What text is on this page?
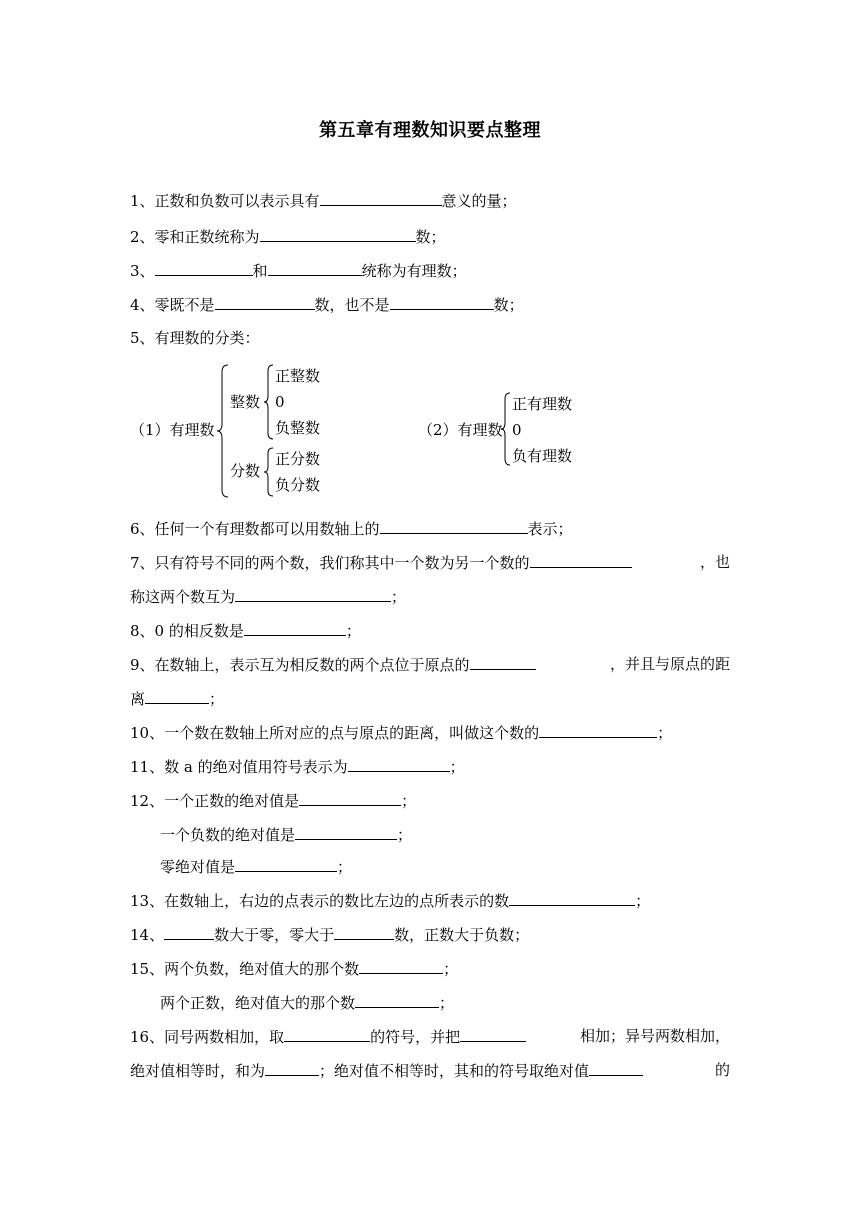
第五章有理数知识要点整理
1、正数和负数可以表示具有	意义的量；
2、零和正数统称为	数；
3、	和	统称为有理数；
4、零既不是	数，也不是	数；
5、有理数的分类：
（1）有理数
整数
正整数
0
负整数
分数
正分数
负分数
（2）有理数
正有理数
0
负有理数
6、任何一个有理数都可以用数轴上的	表示；
7、只有符号不同的两个数，我们称其中一个数为另一个数的	，也
称这两个数互为	；
8、0 的相反数是	；
9、在数轴上，表示互为相反数的两个点位于原点的	，并且与原点的距
离	；
10、一个数在数轴上所对应的点与原点的距离，叫做这个数的	；
11、数 a 的绝对值用符号表示为	；
12、一个正数的绝对值是	；
一个负数的绝对值是	；
零绝对值是	；
13、在数轴上，右边的点表示的数比左边的点所表示的数	；
14、	数大于零，零大于	数，正数大于负数；
15、两个负数，绝对值大的那个数	；
两个正数，绝对值大的那个数	；
16、同号两数相加，取	的符号，并把	相加；异号两数相加，
绝对值相等时，和为	；绝对值不相等时，其和的符号取绝对值	的
